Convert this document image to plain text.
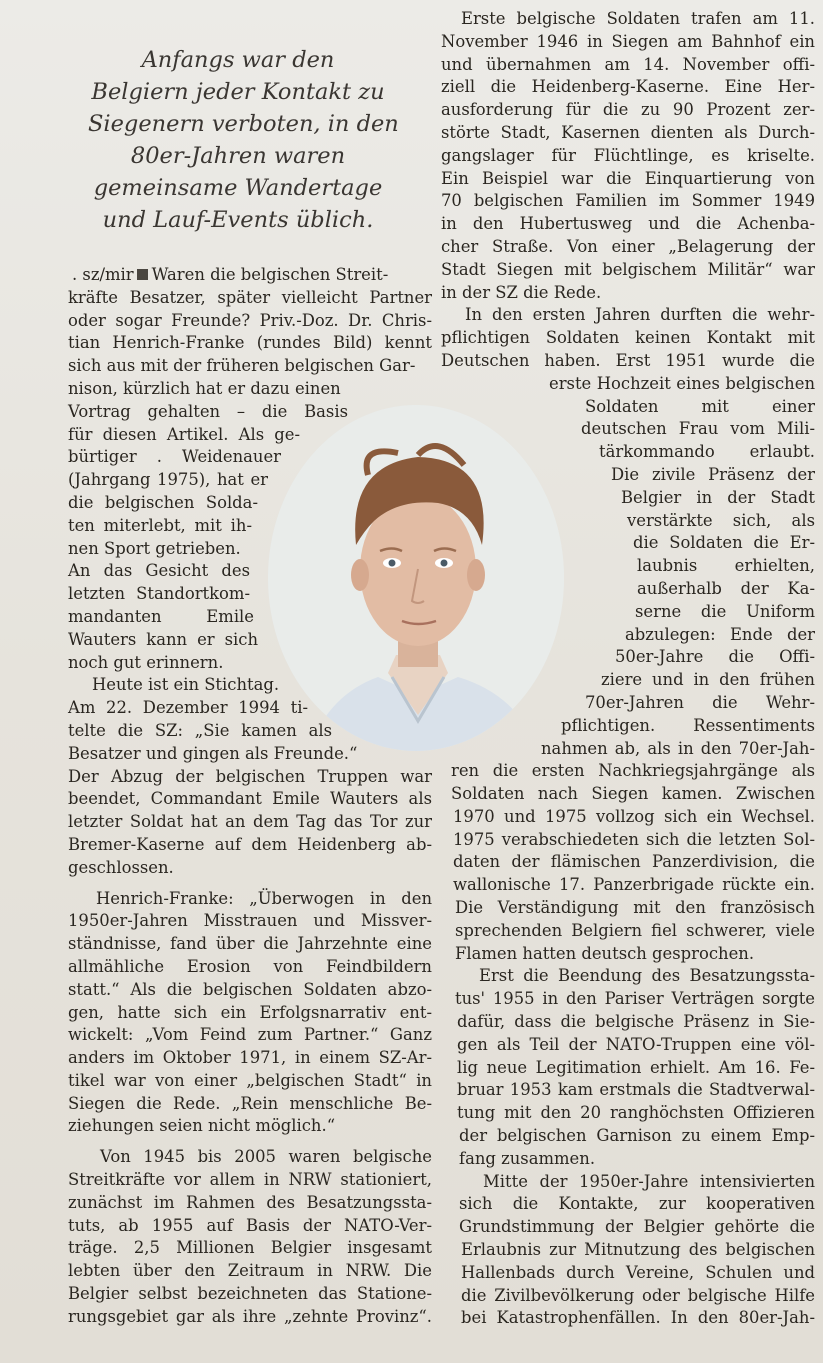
Anfangs war den
Belgiern jeder Kontakt zu
Siegenern verboten, in den
80er-Jahren waren
gemeinsame Wandertage
und Lauf-Events üblich.
. sz/mir Waren die belgischen Streit-
kräfte Besatzer, später vielleicht Partner
oder sogar Freunde? Priv.-Doz. Dr. Chris-
tian Henrich-Franke (rundes Bild) kennt
sich aus mit der früheren belgischen Gar-
nison, kürzlich hat er dazu einen
Vortrag gehalten – die Basis
für diesen Artikel. Als ge-
bürtiger . Weidenauer
(Jahrgang 1975), hat er
die belgischen Solda-
ten miterlebt, mit ih-
nen Sport getrieben.
An das Gesicht des
letzten Standortkom-
mandanten Emile
Wauters kann er sich
noch gut erinnern.
Heute ist ein Stichtag.
Am 22. Dezember 1994 ti-
telte die SZ: „Sie kamen als
Besatzer und gingen als Freunde.“
Der Abzug der belgischen Truppen war
beendet, Commandant Emile Wauters als
letzter Soldat hat an dem Tag das Tor zur
Bremer-Kaserne auf dem Heidenberg ab-
geschlossen.
Henrich-Franke: „Überwogen in den
1950er-Jahren Misstrauen und Missver-
ständnisse, fand über die Jahrzehnte eine
allmähliche Erosion von Feindbildern
statt.“ Als die belgischen Soldaten abzo-
gen, hatte sich ein Erfolgsnarrativ ent-
wickelt: „Vom Feind zum Partner.“ Ganz
anders im Oktober 1971, in einem SZ-Ar-
tikel war von einer „belgischen Stadt“ in
Siegen die Rede. „Rein menschliche Be-
ziehungen seien nicht möglich.“
Von 1945 bis 2005 waren belgische
Streitkräfte vor allem in NRW stationiert,
zunächst im Rahmen des Besatzungssta-
tuts, ab 1955 auf Basis der NATO-Ver-
träge. 2,5 Millionen Belgier insgesamt
lebten über den Zeitraum in NRW. Die
Belgier selbst bezeichneten das Statione-
rungsgebiet gar als ihre „zehnte Provinz“.
Erste belgische Soldaten trafen am 11.
November 1946 in Siegen am Bahnhof ein
und übernahmen am 14. November offi-
ziell die Heidenberg-Kaserne. Eine Her-
ausforderung für die zu 90 Prozent zer-
störte Stadt, Kasernen dienten als Durch-
gangslager für Flüchtlinge, es kriselte.
Ein Beispiel war die Einquartierung von
70 belgischen Familien im Sommer 1949
in den Hubertusweg und die Achenba-
cher Straße. Von einer „Belagerung der
Stadt Siegen mit belgischem Militär“ war
in der SZ die Rede.
In den ersten Jahren durften die wehr-
pflichtigen Soldaten keinen Kontakt mit
Deutschen haben. Erst 1951 wurde die
erste Hochzeit eines belgischen
Soldaten mit einer
deutschen Frau vom Mili-
tärkommando erlaubt.
Die zivile Präsenz der
Belgier in der Stadt
verstärkte sich, als
die Soldaten die Er-
laubnis erhielten,
außerhalb der Ka-
serne die Uniform
abzulegen: Ende der
50er-Jahre die Offi-
ziere und in den frühen
70er-Jahren die Wehr-
pflichtigen. Ressentiments
nahmen ab, als in den 70er-Jah-
ren die ersten Nachkriegsjahrgänge als
Soldaten nach Siegen kamen. Zwischen
1970 und 1975 vollzog sich ein Wechsel.
1975 verabschiedeten sich die letzten Sol-
daten der flämischen Panzerdivision, die
wallonische 17. Panzerbrigade rückte ein.
Die Verständigung mit den französisch
sprechenden Belgiern fiel schwerer, viele
Flamen hatten deutsch gesprochen.
Erst die Beendung des Besatzungssta-
tus' 1955 in den Pariser Verträgen sorgte
dafür, dass die belgische Präsenz in Sie-
gen als Teil der NATO-Truppen eine völ-
lig neue Legitimation erhielt. Am 16. Fe-
bruar 1953 kam erstmals die Stadtverwal-
tung mit den 20 ranghöchsten Offizieren
der belgischen Garnison zu einem Emp-
fang zusammen.
Mitte der 1950er-Jahre intensivierten
sich die Kontakte, zur kooperativen
Grundstimmung der Belgier gehörte die
Erlaubnis zur Mitnutzung des belgischen
Hallenbads durch Vereine, Schulen und
die Zivilbevölkerung oder belgische Hilfe
bei Katastrophenfällen. In den 80er-Jah-
